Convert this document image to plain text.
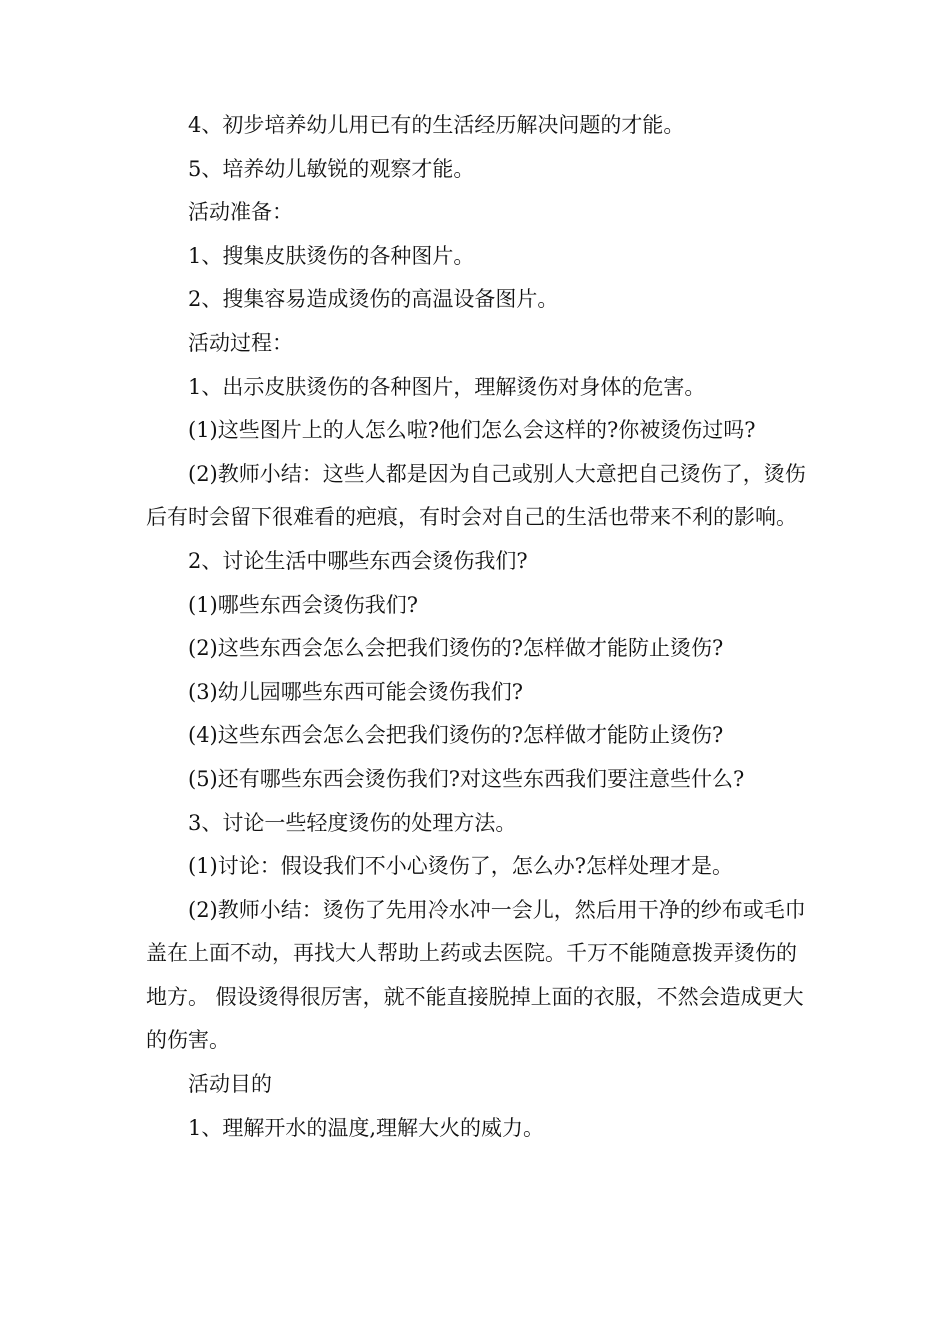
4、初步培养幼儿用已有的生活经历解决问题的才能。

5、培养幼儿敏锐的观察才能。

活动准备：

1、搜集皮肤烫伤的各种图片。

2、搜集容易造成烫伤的高温设备图片。

活动过程：

1、出示皮肤烫伤的各种图片，理解烫伤对身体的危害。

(1)这些图片上的人怎么啦?他们怎么会这样的?你被烫伤过吗?

(2)教师小结：这些人都是因为自己或别人大意把自己烫伤了，烫伤后有时会留下很难看的疤痕，有时会对自己的生活也带来不利的影响。

2、讨论生活中哪些东西会烫伤我们?

(1)哪些东西会烫伤我们?

(2)这些东西会怎么会把我们烫伤的?怎样做才能防止烫伤?

(3)幼儿园哪些东西可能会烫伤我们?

(4)这些东西会怎么会把我们烫伤的?怎样做才能防止烫伤?

(5)还有哪些东西会烫伤我们?对这些东西我们要注意些什么?

3、讨论一些轻度烫伤的处理方法。

(1)讨论：假设我们不小心烫伤了，怎么办?怎样处理才是。

(2)教师小结：烫伤了先用冷水冲一会儿，然后用干净的纱布或毛巾盖在上面不动，再找大人帮助上药或去医院。千万不能随意拨弄烫伤的地方。 假设烫得很厉害，就不能直接脱掉上面的衣服，不然会造成更大的伤害。

活动目的

1、理解开水的温度,理解大火的威力。
